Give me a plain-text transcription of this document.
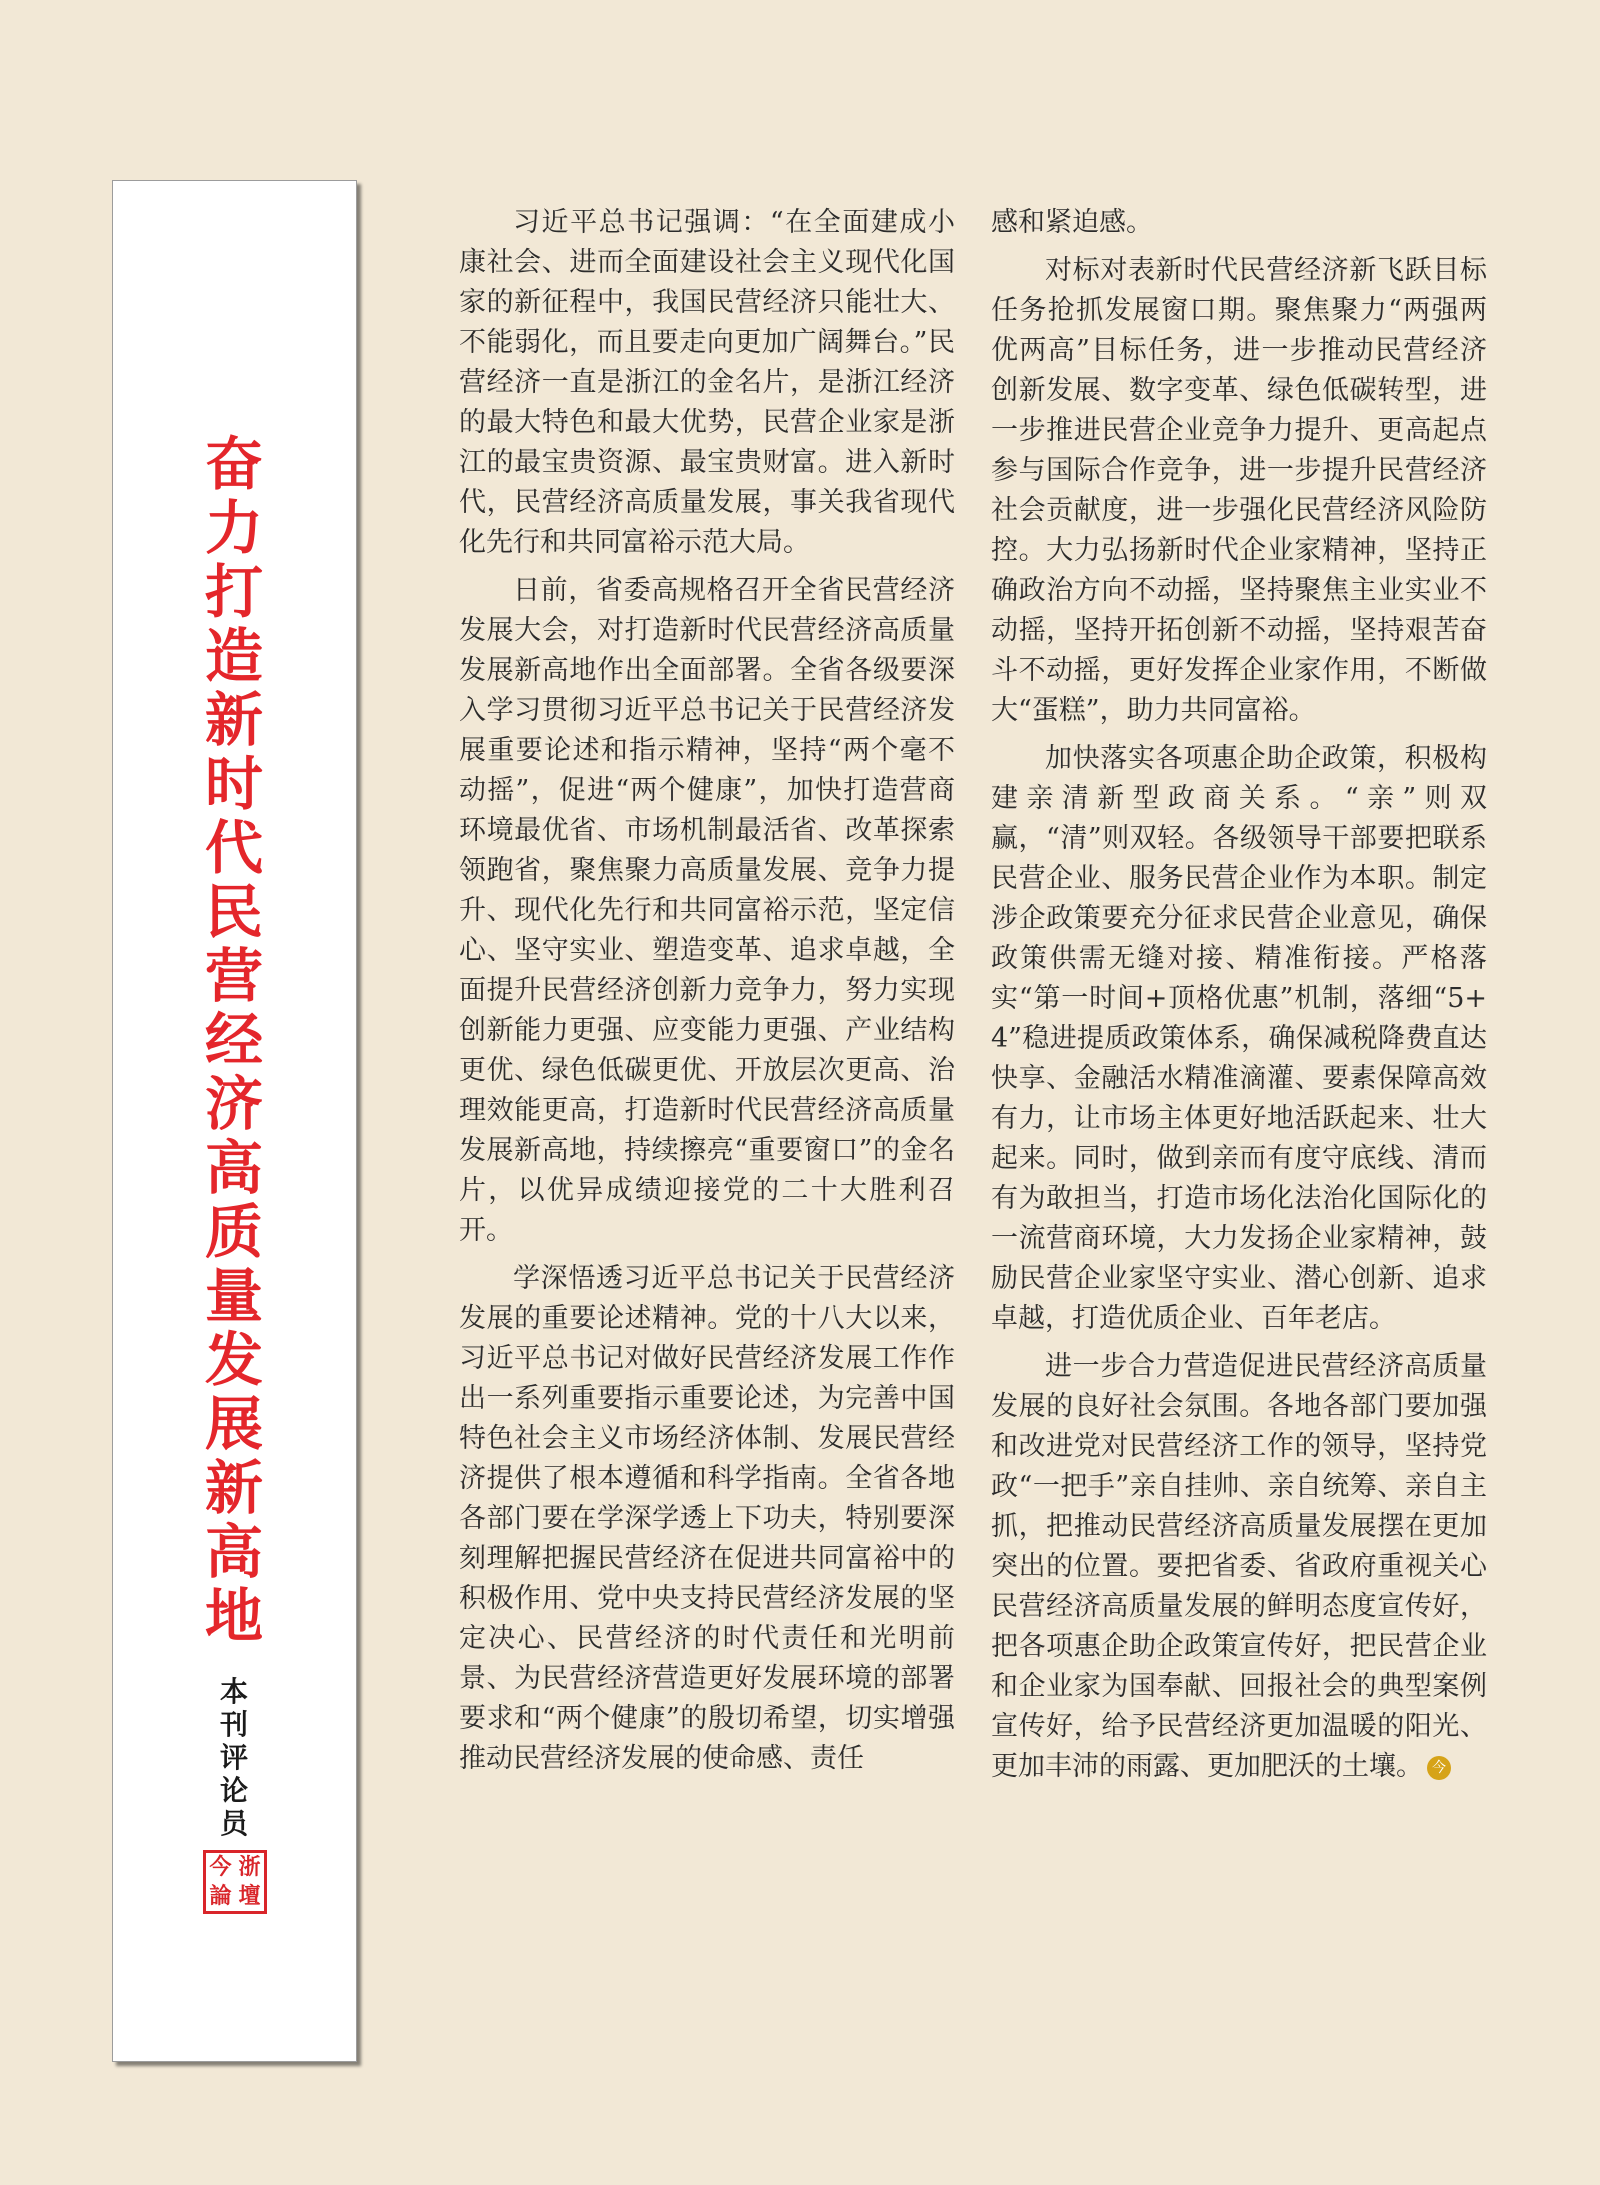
奋力打造新时代民营经济高质量发展新高地
本刊评论员
今 浙
論 壇

习近平总书记强调：“在全面建成小康社会、进而全面建设社会主义现代化国家的新征程中，我国民营经济只能壮大、不能弱化，而且要走向更加广阔舞台。”民营经济一直是浙江的金名片，是浙江经济的最大特色和最大优势，民营企业家是浙江的最宝贵资源、最宝贵财富。进入新时代，民营经济高质量发展，事关我省现代化先行和共同富裕示范大局。

日前，省委高规格召开全省民营经济发展大会，对打造新时代民营经济高质量发展新高地作出全面部署。全省各级要深入学习贯彻习近平总书记关于民营经济发展重要论述和指示精神，坚持“两个毫不动摇”，促进“两个健康”，加快打造营商环境最优省、市场机制最活省、改革探索领跑省，聚焦聚力高质量发展、竞争力提升、现代化先行和共同富裕示范，坚定信心、坚守实业、塑造变革、追求卓越，全面提升民营经济创新力竞争力，努力实现创新能力更强、应变能力更强、产业结构更优、绿色低碳更优、开放层次更高、治理效能更高，打造新时代民营经济高质量发展新高地，持续擦亮“重要窗口”的金名片，以优异成绩迎接党的二十大胜利召开。

学深悟透习近平总书记关于民营经济发展的重要论述精神。党的十八大以来，习近平总书记对做好民营经济发展工作作出一系列重要指示重要论述，为完善中国特色社会主义市场经济体制、发展民营经济提供了根本遵循和科学指南。全省各地各部门要在学深学透上下功夫，特别要深刻理解把握民营经济在促进共同富裕中的积极作用、党中央支持民营经济发展的坚定决心、民营经济的时代责任和光明前景、为民营经济营造更好发展环境的部署要求和“两个健康”的殷切希望，切实增强推动民营经济发展的使命感、责任

感和紧迫感。

对标对表新时代民营经济新飞跃目标任务抢抓发展窗口期。聚焦聚力“两强两优两高”目标任务，进一步推动民营经济创新发展、数字变革、绿色低碳转型，进一步推进民营企业竞争力提升、更高起点参与国际合作竞争，进一步提升民营经济社会贡献度，进一步强化民营经济风险防控。大力弘扬新时代企业家精神，坚持正确政治方向不动摇，坚持聚焦主业实业不动摇，坚持开拓创新不动摇，坚持艰苦奋斗不动摇，更好发挥企业家作用，不断做大“蛋糕”，助力共同富裕。

加快落实各项惠企助企政策，积极构建亲清新型政商关系。“亲”则双赢，“清”则双轻。各级领导干部要把联系民营企业、服务民营企业作为本职。制定涉企政策要充分征求民营企业意见，确保政策供需无缝对接、精准衔接。严格落实“第一时间+顶格优惠”机制，落细“5+4”稳进提质政策体系，确保减税降费直达快享、金融活水精准滴灌、要素保障高效有力，让市场主体更好地活跃起来、壮大起来。同时，做到亲而有度守底线、清而有为敢担当，打造市场化法治化国际化的一流营商环境，大力发扬企业家精神，鼓励民营企业家坚守实业、潜心创新、追求卓越，打造优质企业、百年老店。

进一步合力营造促进民营经济高质量发展的良好社会氛围。各地各部门要加强和改进党对民营经济工作的领导，坚持党政“一把手”亲自挂帅、亲自统筹、亲自主抓，把推动民营经济高质量发展摆在更加突出的位置。要把省委、省政府重视关心民营经济高质量发展的鲜明态度宣传好，把各项惠企助企政策宣传好，把民营企业和企业家为国奉献、回报社会的典型案例宣传好，给予民营经济更加温暖的阳光、更加丰沛的雨露、更加肥沃的土壤。 今
